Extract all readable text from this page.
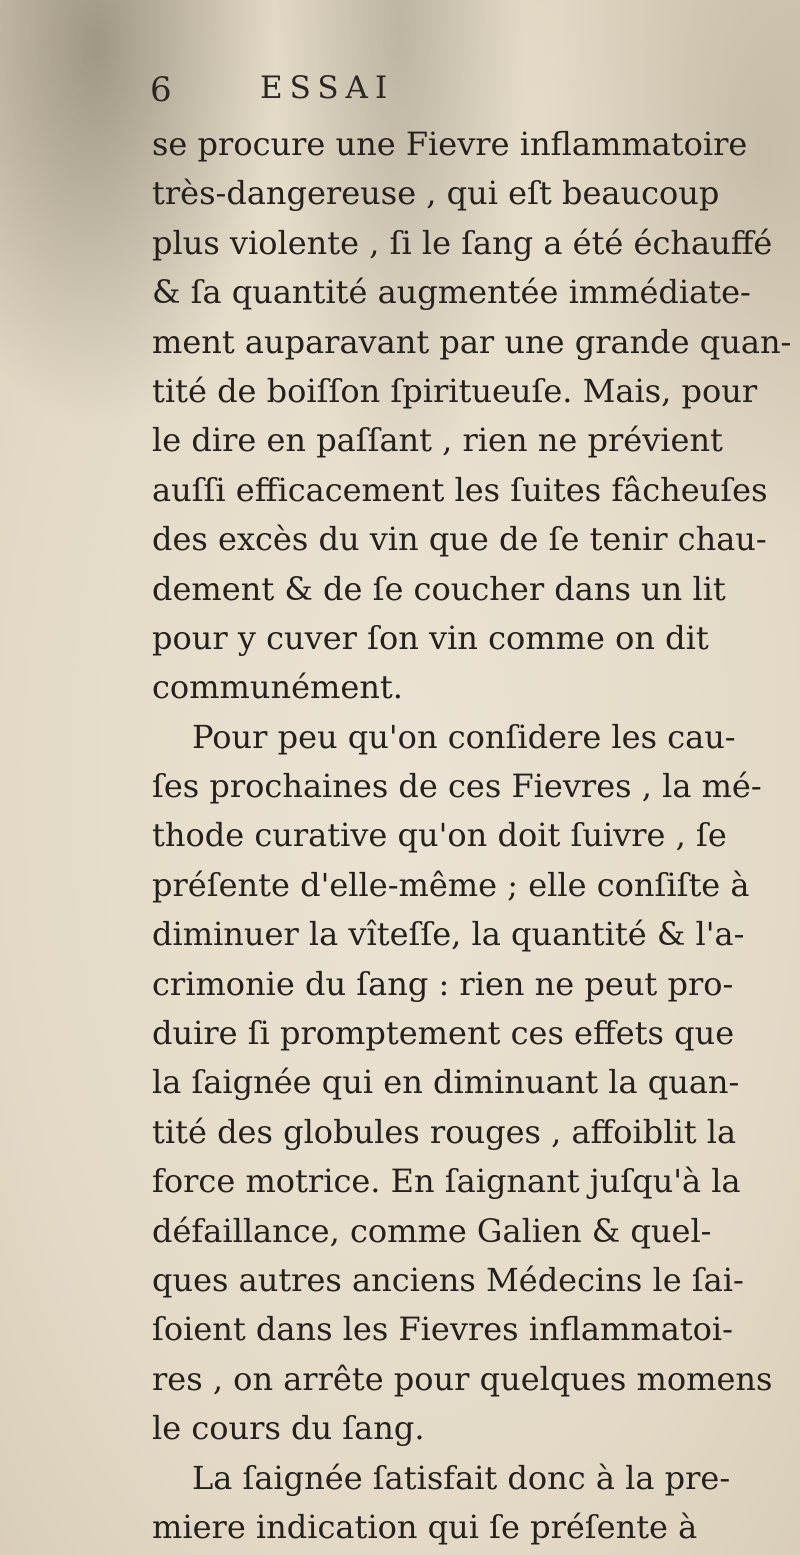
6	ESSAI
se procure une Fievre inflammatoire
très-dangereuse , qui eſt beaucoup
plus violente , ſi le ſang a été échauffé
& ſa quantité augmentée immédiate-
ment auparavant par une grande quan-
tité de boiſſon ſpiritueuſe. Mais, pour
le dire en paſſant , rien ne prévient
auſſi efficacement les ſuites fâcheuſes
des excès du vin que de ſe tenir chau-
dement & de ſe coucher dans un lit
pour y cuver ſon vin comme on dit
communément.
Pour peu qu'on conſidere les cau-
ſes prochaines de ces Fievres , la mé-
thode curative qu'on doit ſuivre , ſe
préſente d'elle-même ; elle conſiſte à
diminuer la vîteſſe, la quantité & l'a-
crimonie du ſang : rien ne peut pro-
duire ſi promptement ces effets que
la ſaignée qui en diminuant la quan-
tité des globules rouges , affoiblit la
force motrice. En ſaignant juſqu'à la
défaillance, comme Galien & quel-
ques autres anciens Médecins le ſai-
ſoient dans les Fievres inflammatoi-
res , on arrête pour quelques momens
le cours du ſang.
La ſaignée ſatisfait donc à la pre-
miere indication qui ſe préſente à
